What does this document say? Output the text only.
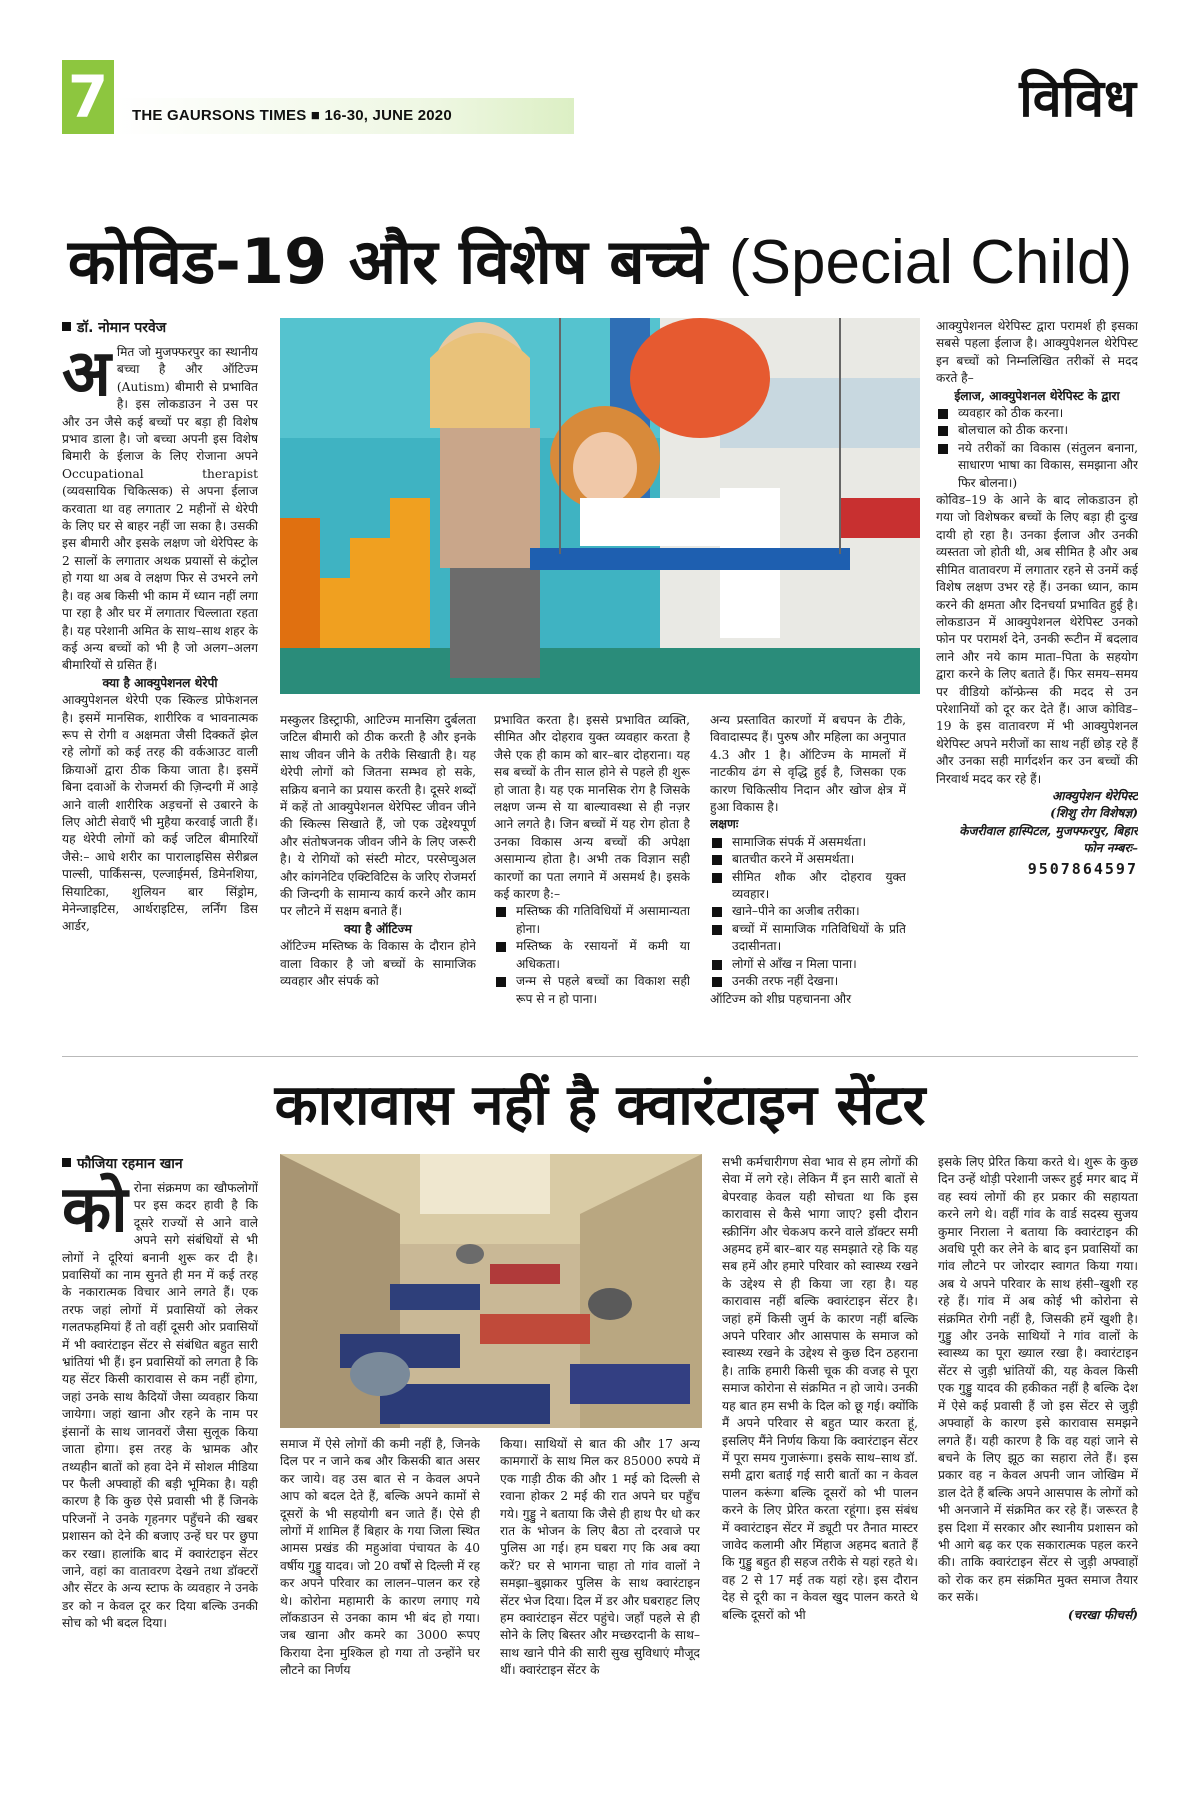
7	THE GAURSONS TIMES ■ 16-30, JUNE 2020	विविध
कोविड-19 और विशेष बच्चे (Special Child)
डॉ. नोमान परवेज
अ मित जो मुजफ्फरपुर का स्थानीय बच्चा है और ऑटिज्म (Autism) बीमारी से प्रभावित है। इस लोकडाउन ने उस पर और उन जैसे कई बच्चों पर बड़ा ही विशेष प्रभाव डाला है। जो बच्चा अपनी इस विशेष बिमारी के ईलाज के लिए रोजाना अपने Occupational therapist (व्यवसायिक चिकित्सक) से अपना ईलाज करवाता था वह लगातार 2 महीनों से थेरेपी के लिए घर से बाहर नहीं जा सका है। उसकी इस बीमारी और इसके लक्षण जो थेरेपिस्ट के 2 सालों के लगातार अथक प्रयासों से कंट्रोल हो गया था अब वे लक्षण फिर से उभरने लगे है। वह अब किसी भी काम में ध्यान नहीं लगा पा रहा है और घर में लगातार चिल्लाता रहता है। यह परेशानी अमित के साथ–साथ शहर के कई अन्य बच्चों को भी है जो अलग–अलग बीमारियों से ग्रसित हैं।

क्या है आक्युपेशनल थेरेपी

आक्युपेशनल थेरेपी एक स्किल्ड प्रोफेशनल है। इसमें मानसिक, शारीरिक व भावनात्मक रूप से रोगी व अक्षमता जैसी दिक्कतें झेल रहे लोगों को कई तरह की वर्कआउट वाली क्रियाओं द्वारा ठीक किया जाता है। इसमें बिना दवाओं के रोजमर्रा की ज़िन्दगी में आड़े आने वाली शारीरिक अड़चनों से उबारने के लिए ओटी सेवाएँ भी मुहैया करवाई जाती हैं। यह थेरेपी लोगों को कई जटिल बीमारियों जैसे:– आधे शरीर का पारालाइसिस सेरीब्रल पाल्सी, पार्किंसन्स, एल्जाईमर्स, डिमेनशिया, सियाटिका, शुलियन बार सिंड्रोम, मेनेन्जाइटिस, आर्थराइटिस, लर्निंग डिस आर्डर,

मस्कुलर डिस्ट्राफी, आटिज्म मानसिग दुर्बलता जटिल बीमारी को ठीक करती है और इनके साथ जीवन जीने के तरीके सिखाती है। यह थेरेपी लोगों को जितना सम्भव हो सके, सक्रिय बनाने का प्रयास करती है। दूसरे शब्दों में कहें तो आक्युपेशनल थेरेपिस्ट जीवन जीने की स्किल्स सिखाते हैं, जो एक उद्देश्यपूर्ण और संतोषजनक जीवन जीने के लिए जरूरी है। ये रोगियों को संस्टी मोटर, परसेप्चुअल और कांगनेटिव एक्टिविटिस के जरिए रोजमर्रा की जिन्दगी के सामान्य कार्य करने और काम पर लौटने में सक्षम बनाते हैं।

क्या है ऑटिज्म

ऑटिज्म मस्तिष्क के विकास के दौरान होने वाला विकार है जो बच्चों के सामाजिक व्यवहार और संपर्क को

प्रभावित करता है। इससे प्रभावित व्यक्ति, सीमित और दोहराव युक्त व्यवहार करता है जैसे एक ही काम को बार–बार दोहराना। यह सब बच्चों के तीन साल होने से पहले ही शुरू हो जाता है। यह एक मानसिक रोग है जिसके लक्षण जन्म से या बाल्यावस्था से ही नज़र आने लगते है। जिन बच्चों में यह रोग होता है उनका विकास अन्य बच्चों की अपेक्षा असामान्य होता है। अभी तक विज्ञान सही कारणों का पता लगाने में असमर्थ है। इसके कई कारण है:–

मस्तिष्क की गतिविधियों में असामान्यता होना।
मस्तिष्क के रसायनों में कमी या अधिकता।
जन्म से पहले बच्चों का विकाश सही रूप से न हो पाना।

अन्य प्रस्तावित कारणों में बचपन के टीके, विवादास्पद हैं। पुरुष और महिला का अनुपात 4.3 और 1 है। ऑटिज्म के मामलों में नाटकीय ढंग से वृद्धि हुई है, जिसका एक कारण चिकित्सीय निदान और खोज क्षेत्र में हुआ विकास है।

लक्षणः

सामाजिक संपर्क में असमर्थता।
बातचीत करने में असमर्थता।
सीमित शौक और दोहराव युक्त व्यवहार।
खाने–पीने का अजीब तरीका।
बच्चों में सामाजिक गतिविधियों के प्रति उदासीनता।
लोगों से आँख न मिला पाना।
उनकी तरफ नहीं देखना।

ऑटिज्म को शीघ्र पहचानना और

आक्युपेशनल थेरेपिस्ट द्वारा परामर्श ही इसका सबसे पहला ईलाज है। आक्युपेशनल थेरेपिस्ट इन बच्चों को निम्नलिखित तरीकों से मदद करते है–

ईलाज, आक्युपेशनल थेरेपिस्ट के द्वारा

व्यवहार को ठीक करना।
बोलचाल को ठीक करना।
नये तरीकों का विकास (संतुलन बनाना, साधारण भाषा का विकास, समझाना और फिर बोलना।)

कोविड–19 के आने के बाद लोकडाउन हो गया जो विशेषकर बच्चों के लिए बड़ा ही दुःख दायी हो रहा है। उनका ईलाज और उनकी व्यस्तता जो होती थी, अब सीमित है और अब सीमित वातावरण में लगातार रहने से उनमें कई विशेष लक्षण उभर रहे हैं। उनका ध्यान, काम करने की क्षमता और दिनचर्या प्रभावित हुई है। लोकडाउन में आक्युपेशनल थेरेपिस्ट उनको फोन पर परामर्श देने, उनकी रूटीन में बदलाव लाने और नये काम माता–पिता के सहयोग द्वारा करने के लिए बताते हैं। फिर समय–समय पर वीडियो कॉन्फ्रेन्स की मदद से उन परेशानियों को दूर कर देते हैं। आज कोविड–19 के इस वातावरण में भी आक्युपेशनल थेरेपिस्ट अपने मरीजों का साथ नहीं छोड़ रहे हैं और उनका सही मार्गदर्शन कर उन बच्चों की निरवार्थ मदद कर रहे हैं।

आक्युपेशन थेरेपिस्ट

(शिशु रोग विशेषज्ञ)

केजरीवाल हास्पिटल, मुजफ्फरपुर, बिहार

फोन नम्बरः–

9507864597

कारावास नहीं है क्वारंटाइन सेंटर
फौजिया रहमान खान
को रोना संक्रमण का खौफलोगों पर इस कदर हावी है कि दूसरे राज्यों से आने वाले अपने सगे संबंधियों से भी लोगों ने दूरियां बनानी शुरू कर दी है। प्रवासियों का नाम सुनते ही मन में कई तरह के नकारात्मक विचार आने लगते हैं। एक तरफ जहां लोगों में प्रवासियों को लेकर गलतफहमियां हैं तो वहीं दूसरी ओर प्रवासियों में भी क्वारंटाइन सेंटर से संबंधित बहुत सारी भ्रांतियां भी हैं। इन प्रवासियों को लगता है कि यह सेंटर किसी कारावास से कम नहीं होगा, जहां उनके साथ कैदियों जैसा व्यवहार किया जायेगा। जहां खाना और रहने के नाम पर इंसानों के साथ जानवरों जैसा सुलूक किया जाता होगा। इस तरह के भ्रामक और तथ्यहीन बातों को हवा देने में सोशल मीडिया पर फैली अफ्वाहों की बड़ी भूमिका है। यही कारण है कि कुछ ऐसे प्रवासी भी हैं जिनके परिजनों ने उनके गृहनगर पहुँचने की खबर प्रशासन को देने की बजाए उन्हें घर पर छुपा कर रखा। हालांकि बाद में क्वारंटाइन सेंटर जाने, वहां का वातावरण देखने तथा डॉक्टरों और सेंटर के अन्य स्टाफ के व्यवहार ने उनके डर को न केवल दूर कर दिया बल्कि उनकी सोच को भी बदल दिया।

समाज में ऐसे लोगों की कमी नहीं है, जिनके दिल पर न जाने कब और किसकी बात असर कर जाये। वह उस बात से न केवल अपने आप को बदल देते हैं, बल्कि अपने कामों से दूसरों के भी सहयोगी बन जाते हैं। ऐसे ही लोगों में शामिल हैं बिहार के गया जिला स्थित आमस प्रखंड की महुआंवा पंचायत के 40 वर्षीय गुड्डु यादव। जो 20 वर्षों से दिल्ली में रह कर अपने परिवार का लालन–पालन कर रहे थे। कोरोना महामारी के कारण लगाए गये लॉकडाउन से उनका काम भी बंद हो गया। जब खाना और कमरे का 3000 रूपए किराया देना मुश्किल हो गया तो उन्होंने घर लौटने का निर्णय

किया। साथियों से बात की और 17 अन्य कामगारों के साथ मिल कर 85000 रुपये में एक गाड़ी ठीक की और 1 मई को दिल्ली से रवाना होकर 2 मई की रात अपने घर पहुँच गये। गुड्डु ने बताया कि जैसे ही हाथ पैर धो कर रात के भोजन के लिए बैठा तो दरवाजे पर पुलिस आ गई। हम घबरा गए कि अब क्या करें? घर से भागना चाहा तो गांव वालों ने समझा–बुझाकर पुलिस के साथ क्वारंटाइन सेंटर भेज दिया। दिल में डर और घबराहट लिए हम क्वारंटाइन सेंटर पहुंचे। जहाँ पहले से ही सोने के लिए बिस्तर और मच्छरदानी के साथ–साथ खाने पीने की सारी सुख सुविधाएं मौजूद थीं। क्वारंटाइन सेंटर के

सभी कर्मचारीगण सेवा भाव से हम लोगों की सेवा में लगे रहे। लेकिन मैं इन सारी बातों से बेपरवाह केवल यही सोचता था कि इस कारावास से कैसे भागा जाए? इसी दौरान स्क्रीनिंग और चेकअप करने वाले डॉक्टर समी अहमद हमें बार–बार यह समझाते रहे कि यह सब हमें और हमारे परिवार को स्वास्थ्य रखने के उद्देश्य से ही किया जा रहा है। यह कारावास नहीं बल्कि क्वारंटाइन सेंटर है। जहां हमें किसी जुर्म के कारण नहीं बल्कि अपने परिवार और आसपास के समाज को स्वास्थ्य रखने के उद्देश्य से कुछ दिन ठहराना है। ताकि हमारी किसी चूक की वजह से पूरा समाज कोरोना से संक्रमित न हो जाये। उनकी यह बात हम सभी के दिल को छू गई। क्योंकि मैं अपने परिवार से बहुत प्यार करता हूं, इसलिए मैंने निर्णय किया कि क्वारंटाइन सेंटर में पूरा समय गुजारूंगा। इसके साथ–साथ डॉ. समी द्वारा बताई गई सारी बातों का न केवल पालन करूंगा बल्कि दूसरों को भी पालन करने के लिए प्रेरित करता रहूंगा। इस संबंध में क्वारंटाइन सेंटर में ड्यूटी पर तैनात मास्टर जावेद कलामी और मिंहाज अहमद बताते हैं कि गुड्डु बहुत ही सहज तरीके से यहां रहते थे। वह 2 से 17 मई तक यहां रहे। इस दौरान देह से दूरी का न केवल खुद पालन करते थे बल्कि दूसरों को भी

इसके लिए प्रेरित किया करते थे। शुरू के कुछ दिन उन्हें थोड़ी परेशानी जरूर हुई मगर बाद में वह स्वयं लोगों की हर प्रकार की सहायता करने लगे थे। वहीं गांव के वार्ड सदस्य सुजय कुमार निराला ने बताया कि क्वारंटाइन की अवधि पूरी कर लेने के बाद इन प्रवासियों का गांव लौटने पर जोरदार स्वागत किया गया। अब ये अपने परिवार के साथ हंसी–खुशी रह रहे हैं। गांव में अब कोई भी कोरोना से संक्रमित रोगी नहीं है, जिसकी हमें खुशी है। गुड्डु और उनके साथियों ने गांव वालों के स्वास्थ्य का पूरा ख्याल रखा है। क्वारंटाइन सेंटर से जुड़ी भ्रांतियों की, यह केवल किसी एक गुड्डु यादव की हकीकत नहीं है बल्कि देश में ऐसे कई प्रवासी हैं जो इस सेंटर से जुड़ी अफ्वाहों के कारण इसे कारावास समझने लगते हैं। यही कारण है कि वह यहां जाने से बचने के लिए झूठ का सहारा लेते हैं। इस प्रकार वह न केवल अपनी जान जोखिम में डाल देते हैं बल्कि अपने आसपास के लोगों को भी अनजाने में संक्रमित कर रहे हैं। जरूरत है इस दिशा में सरकार और स्थानीय प्रशासन को भी आगे बढ़ कर एक सकारात्मक पहल करने की। ताकि क्वारंटाइन सेंटर से जुड़ी अफ्वाहों को रोक कर हम संक्रमित मुक्त समाज तैयार कर सकें।

(चरखा फीचर्स)
